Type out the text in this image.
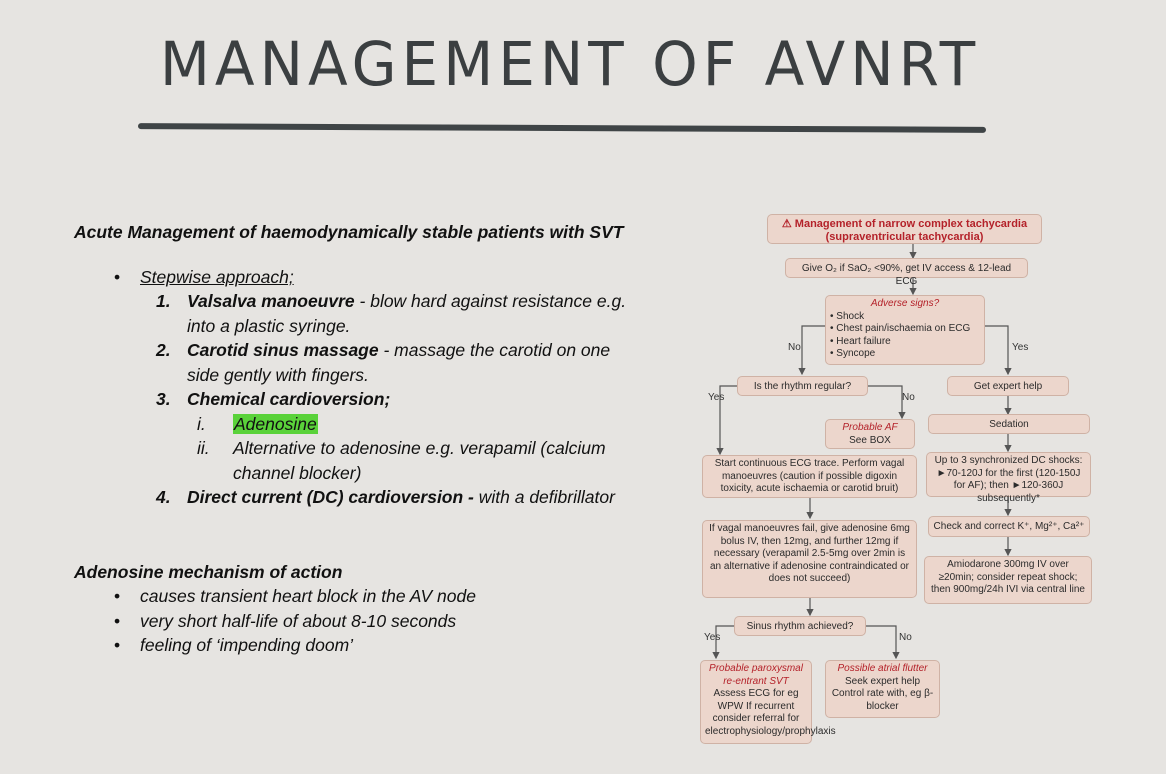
MANAGEMENT OF AVNRT

Acute Management of haemodynamically stable patients with SVT

• Stepwise approach;
1. Valsalva manoeuvre - blow hard against resistance e.g. into a plastic syringe.
2. Carotid sinus massage - massage the carotid on one side gently with fingers.
3. Chemical cardioversion;
i. Adenosine
ii. Alternative to adenosine e.g. verapamil (calcium channel blocker)
4. Direct current (DC) cardioversion - with a defibrillator

Adenosine mechanism of action

• causes transient heart block in the AV node
• very short half-life of about 8-10 seconds
• feeling of ‘impending doom’
⚠ Management of narrow complex tachycardia
(supraventricular tachycardia)
Give O₂ if SaO₂ <90%, get IV access & 12-lead ECG
Adverse signs?
• Shock
• Chest pain/ischaemia on ECG
• Heart failure
• Syncope
No	Yes
Is the rhythm regular?	Get expert help
Yes	No
Probable AF
See BOX
Sedation
Start continuous ECG trace. Perform vagal manoeuvres (caution if possible digoxin toxicity, acute ischaemia or carotid bruit)
Up to 3 synchronized DC shocks: ►70-120J for the first (120-150J for AF); then ►120-360J subsequently*
Check and correct K⁺, Mg²⁺, Ca²⁺
If vagal manoeuvres fail, give adenosine 6mg bolus IV, then 12mg, and further 12mg if necessary (verapamil 2.5-5mg over 2min is an alternative if adenosine contraindicated or does not succeed)
Amiodarone 300mg IV over ≥20min; consider repeat shock; then 900mg/24h IVI via central line
Sinus rhythm achieved?
Yes	No
Probable paroxysmal re-entrant SVT
Assess ECG for eg WPW If recurrent consider referral for electrophysiology/prophylaxis
Possible atrial flutter
Seek expert help Control rate with, eg β-blocker
